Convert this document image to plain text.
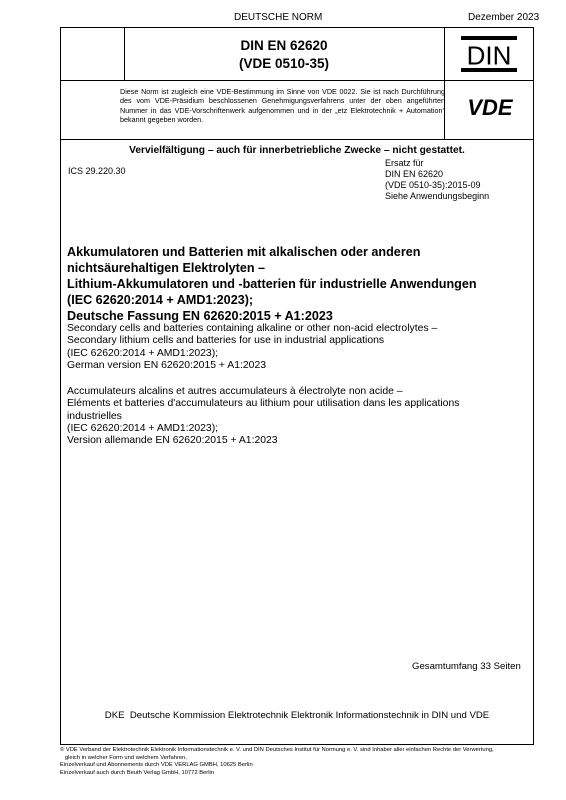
DEUTSCHE NORM	Dezember 2023
DIN EN 62620
(VDE 0510-35)	DIN
Diese Norm ist zugleich eine VDE-Bestimmung im Sinne von VDE 0022. Sie ist nach Durchführung des vom VDE-Präsidium beschlossenen Genehmigungsverfahrens unter der oben angeführten Nummer in das VDE-Vorschriftenwerk aufgenommen und in der „etz Elektrotechnik + Automation" bekannt gegeben worden.	VDE
Vervielfältigung – auch für innerbetriebliche Zwecke – nicht gestattet.
ICS 29.220.30
Ersatz für
DIN EN 62620
(VDE 0510-35):2015-09
Siehe Anwendungsbeginn
Akkumulatoren und Batterien mit alkalischen oder anderen
nichtsäurehaltigen Elektrolyten –
Lithium-Akkumulatoren und -batterien für industrielle Anwendungen
(IEC 62620:2014 + AMD1:2023);
Deutsche Fassung EN 62620:2015 + A1:2023
Secondary cells and batteries containing alkaline or other non-acid electrolytes –
Secondary lithium cells and batteries for use in industrial applications
(IEC 62620:2014 + AMD1:2023);
German version EN 62620:2015 + A1:2023
Accumulateurs alcalins et autres accumulateurs à électrolyte non acide –
Eléments et batteries d'accumulateurs au lithium pour utilisation dans les applications
industrielles
(IEC 62620:2014 + AMD1:2023);
Version allemande EN 62620:2015 + A1:2023
Gesamtumfang 33 Seiten
DKE  Deutsche Kommission Elektrotechnik Elektronik Informationstechnik in DIN und VDE
© VDE Verband der Elektrotechnik Elektronik Informationstechnik e. V. und DIN Deutsches Institut für Normung e. V. sind Inhaber aller einfachen Rechte der Verwertung,
gleich in welcher Form und welchem Verfahren.
Einzelverkauf und Abonnements durch VDE VERLAG GMBH, 10625 Berlin
Einzelverkauf auch durch Beuth Verlag GmbH, 10772 Berlin
